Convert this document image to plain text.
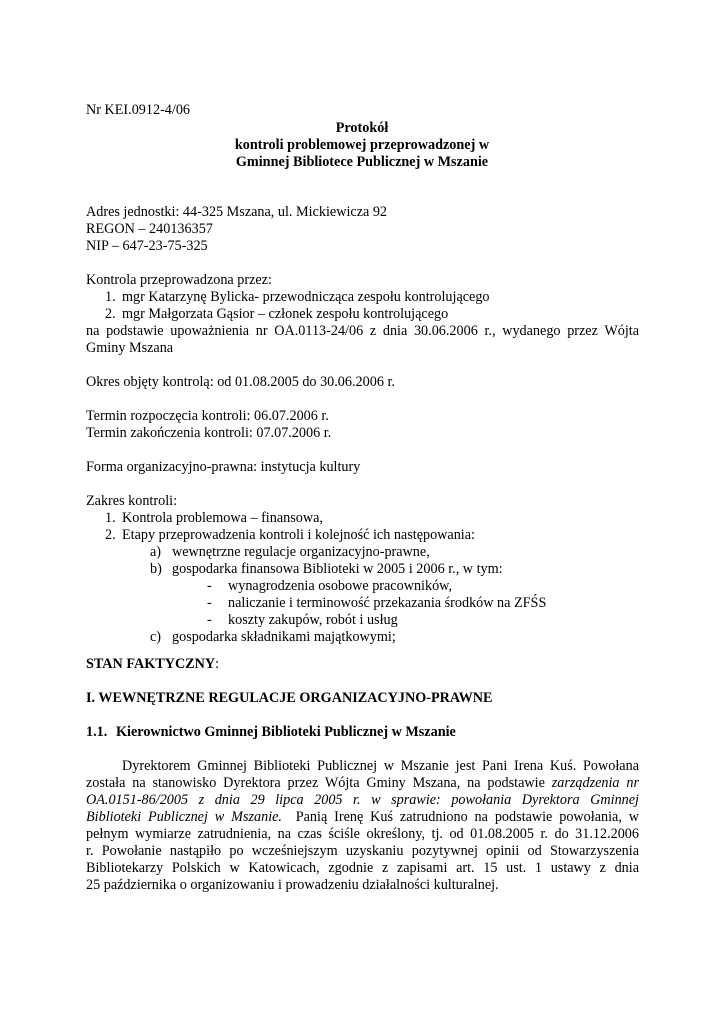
Nr KEI.0912-4/06
Protokół
kontroli problemowej przeprowadzonej w
Gminnej Bibliotece Publicznej w Mszanie
Adres jednostki: 44-325 Mszana, ul. Mickiewicza 92
REGON – 240136357
NIP – 647-23-75-325
Kontrola przeprowadzona przez:
1. mgr Katarzynę Bylicka- przewodnicząca zespołu kontrolującego
2. mgr Małgorzata Gąsior – członek zespołu kontrolującego
na podstawie upoważnienia nr OA.0113-24/06 z dnia 30.06.2006 r., wydanego przez Wójta
Gminy Mszana
Okres objęty kontrolą: od 01.08.2005 do 30.06.2006 r.
Termin rozpoczęcia kontroli: 06.07.2006 r.
Termin zakończenia kontroli: 07.07.2006 r.
Forma organizacyjno-prawna: instytucja kultury
Zakres kontroli:
1. Kontrola problemowa – finansowa,
2. Etapy przeprowadzenia kontroli i kolejność ich następowania:
a) wewnętrzne regulacje organizacyjno-prawne,
b) gospodarka finansowa Biblioteki w 2005 i 2006 r., w tym:
- wynagrodzenia osobowe pracowników,
- naliczanie i terminowość przekazania środków na ZFŚS
- koszty zakupów, robót i usług
c) gospodarka składnikami majątkowymi;
STAN FAKTYCZNY:
I. WEWNĘTRZNE REGULACJE ORGANIZACYJNO-PRAWNE
1.1. Kierownictwo Gminnej Biblioteki Publicznej w Mszanie
Dyrektorem Gminnej Biblioteki Publicznej w Mszanie jest Pani Irena Kuś. Powołana
została na stanowisko Dyrektora przez Wójta Gminy Mszana, na podstawie zarządzenia nr
OA.0151-86/2005 z dnia 29 lipca 2005 r. w sprawie: powołania Dyrektora Gminnej
Biblioteki Publicznej w Mszanie.  Panią Irenę Kuś zatrudniono na podstawie powołania, w
pełnym wymiarze zatrudnienia, na czas ściśle określony, tj. od 01.08.2005 r. do 31.12.2006
r. Powołanie nastąpiło po wcześniejszym uzyskaniu pozytywnej opinii od Stowarzyszenia
Bibliotekarzy Polskich w Katowicach, zgodnie z zapisami art. 15 ust. 1 ustawy z dnia
25 października o organizowaniu i prowadzeniu działalności kulturalnej.
